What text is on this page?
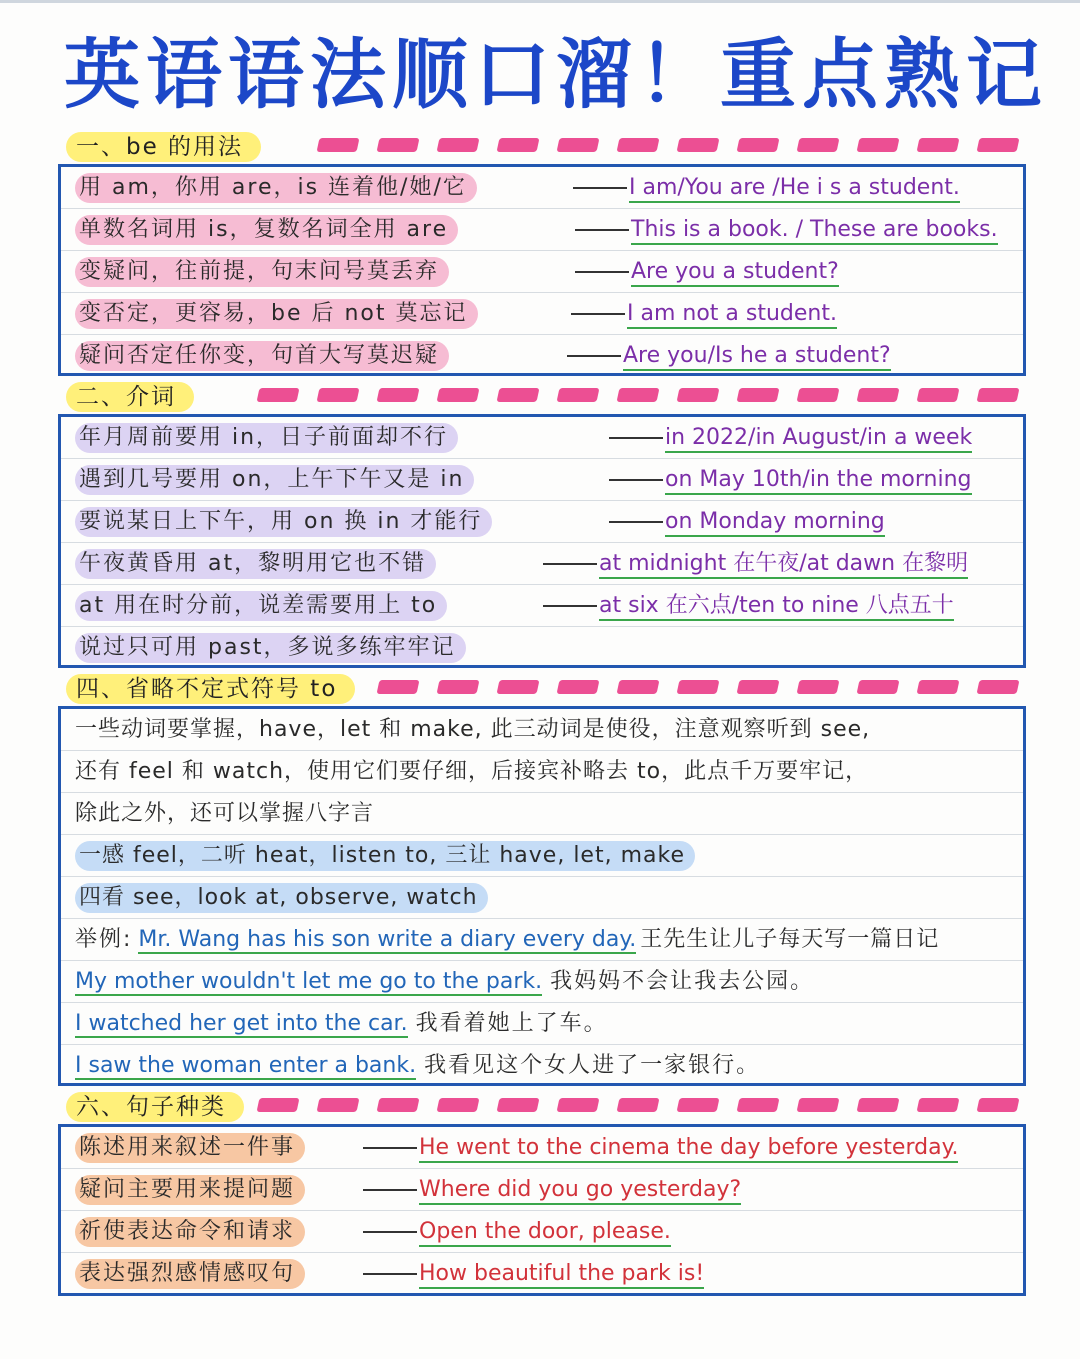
英语语法顺口溜！重点熟记
一、be 的用法
用 am，你用 are，is 连着他/她/它	I am/You are /He i s a student.
单数名词用 is，复数名词全用 are	This is a book. / These are books.
变疑问，往前提，句末问号莫丢弃	Are you a student?
变否定，更容易，be 后 not 莫忘记	I am not a student.
疑问否定任你变，句首大写莫迟疑	Are you/Is he a student?
二、介词
年月周前要用 in，日子前面却不行	in 2022/in August/in a week
遇到几号要用 on，上午下午又是 in	on May 10th/in the morning
要说某日上下午，用 on 换 in 才能行	on Monday morning
午夜黄昏用 at，黎明用它也不错	at midnight 在午夜/at dawn 在黎明
at 用在时分前，说差需要用上 to	at six 在六点/ten to nine 八点五十
说过只可用 past，多说多练牢牢记
四、省略不定式符号 to
一些动词要掌握，have，let 和 make, 此三动词是使役，注意观察听到 see,
还有 feel 和 watch，使用它们要仔细，后接宾补略去 to，此点千万要牢记，
除此之外，还可以掌握八字言
一感 feel，二听 heat，listen to, 三让 have, let, make
四看 see，look at, observe, watch
举例: Mr. Wang has his son write a diary every day. 王先生让儿子每天写一篇日记
My mother wouldn't let me go to the park. 我妈妈不会让我去公园。
I watched her get into the car. 我看着她上了车。
I saw the woman enter a bank. 我看见这个女人进了一家银行。
六、句子种类
陈述用来叙述一件事	He went to the cinema the day before yesterday.
疑问主要用来提问题	Where did you go yesterday?
祈使表达命令和请求	Open the door, please.
表达强烈感情感叹句	How beautiful the park is!
